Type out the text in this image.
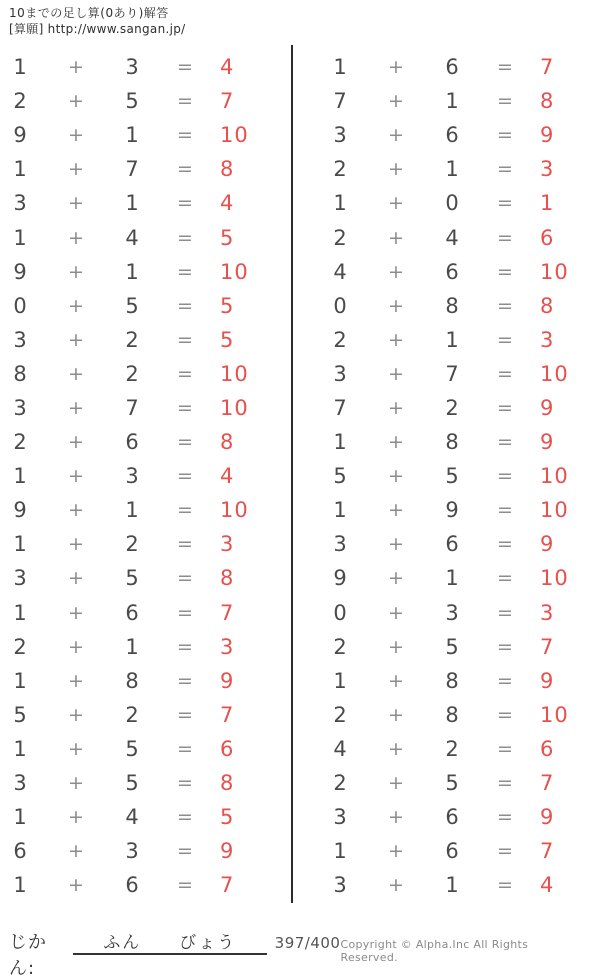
10までの足し算(0あり)解答
[算願] http://www.sangan.jp/
1	+	3	=	4
2	+	5	=	7
9	+	1	=	10
1	+	7	=	8
3	+	1	=	4
1	+	4	=	5
9	+	1	=	10
0	+	5	=	5
3	+	2	=	5
8	+	2	=	10
3	+	7	=	10
2	+	6	=	8
1	+	3	=	4
9	+	1	=	10
1	+	2	=	3
3	+	5	=	8
1	+	6	=	7
2	+	1	=	3
1	+	8	=	9
5	+	2	=	7
1	+	5	=	6
3	+	5	=	8
1	+	4	=	5
6	+	3	=	9
1	+	6	=	7
1	+	6	=	7
7	+	1	=	8
3	+	6	=	9
2	+	1	=	3
1	+	0	=	1
2	+	4	=	6
4	+	6	=	10
0	+	8	=	8
2	+	1	=	3
3	+	7	=	10
7	+	2	=	9
1	+	8	=	9
5	+	5	=	10
1	+	9	=	10
3	+	6	=	9
9	+	1	=	10
0	+	3	=	3
2	+	5	=	7
1	+	8	=	9
2	+	8	=	10
4	+	2	=	6
2	+	5	=	7
3	+	6	=	9
1	+	6	=	7
3	+	1	=	4
じかん:
ふん　　びょう	397/400 Copyright © Alpha.Inc All Rights Reserved.
